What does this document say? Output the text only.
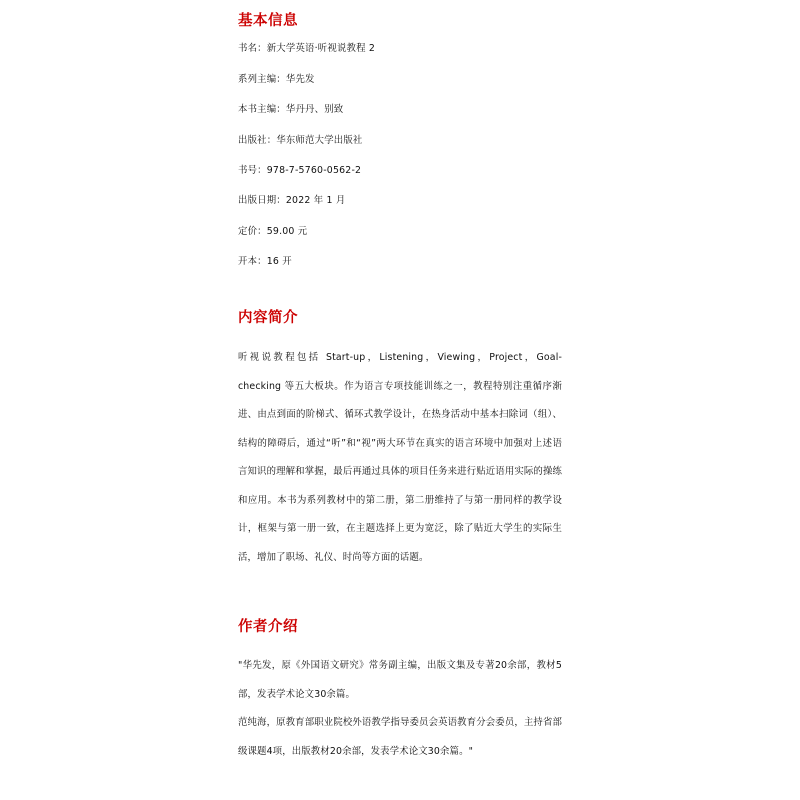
基本信息
书名：新大学英语·听视说教程 2
系列主编：华先发
本书主编：华丹丹、别致
出版社：华东师范大学出版社
书号：978-7-5760-0562-2
出版日期：2022 年 1 月
定价：59.00 元
开本：16 开
内容简介

听视说教程包括 Start-up，Listening，Viewing，Project，Goal-checking 等五大板块。作为语言专项技能训练之一，教程特别注重循序渐进、由点到面的阶梯式、循环式教学设计，在热身活动中基本扫除词（组）、结构的障碍后，通过“听”和“视”两大环节在真实的语言环境中加强对上述语言知识的理解和掌握，最后再通过具体的项目任务来进行贴近语用实际的操练和应用。本书为系列教材中的第二册，第二册维持了与第一册同样的教学设计，框架与第一册一致，在主题选择上更为宽泛，除了贴近大学生的实际生活，增加了职场、礼仪、时尚等方面的话题。

作者介绍

"华先发，原《外国语文研究》常务副主编，出版文集及专著20余部，教材5部，发表学术论文30余篇。

范纯海，原教育部职业院校外语教学指导委员会英语教育分会委员，主持省部级课题4项，出版教材20余部，发表学术论文30余篇。"
